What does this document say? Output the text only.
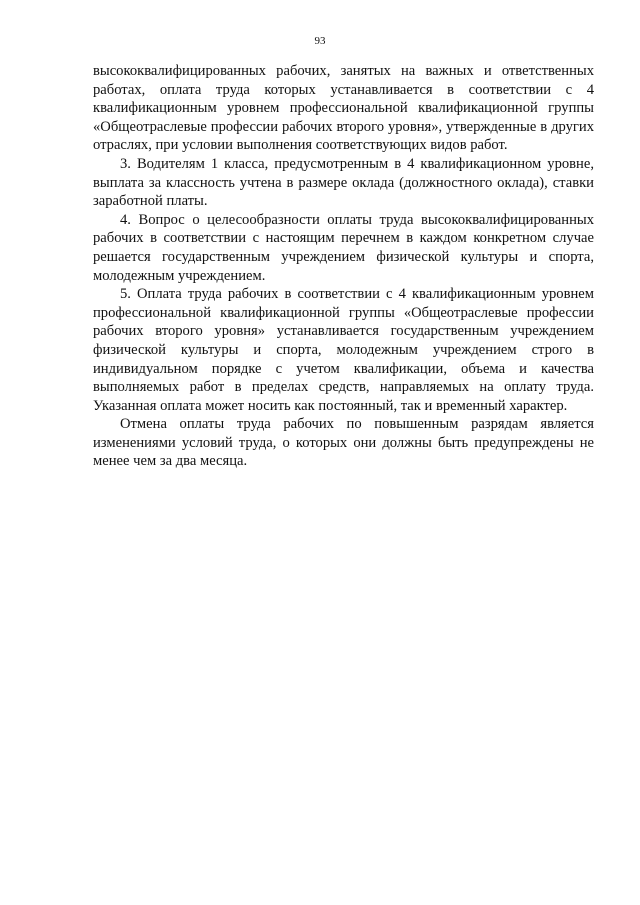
93

высококвалифицированных рабочих, занятых на важных и ответственных работах, оплата труда которых устанавливается в соответствии с 4 квалификационным уровнем профессиональной квалификационной группы «Общеотраслевые профессии рабочих второго уровня», утвержденные в других отраслях, при условии выполнения соответствующих видов работ.

3. Водителям 1 класса, предусмотренным в 4 квалификационном уровне, выплата за классность учтена в размере оклада (должностного оклада), ставки заработной платы.

4. Вопрос о целесообразности оплаты труда высококвалифицированных рабочих в соответствии с настоящим перечнем в каждом конкретном случае решается государственным учреждением физической культуры и спорта, молодежным учреждением.

5. Оплата труда рабочих в соответствии с 4 квалификационным уровнем профессиональной квалификационной группы «Общеотраслевые профессии рабочих второго уровня» устанавливается государственным учреждением физической культуры и спорта, молодежным учреждением строго в индивидуальном порядке с учетом квалификации, объема и качества выполняемых работ в пределах средств, направляемых на оплату труда. Указанная оплата может носить как постоянный, так и временный характер.

Отмена оплаты труда рабочих по повышенным разрядам является изменениями условий труда, о которых они должны быть предупреждены не менее чем за два месяца.
